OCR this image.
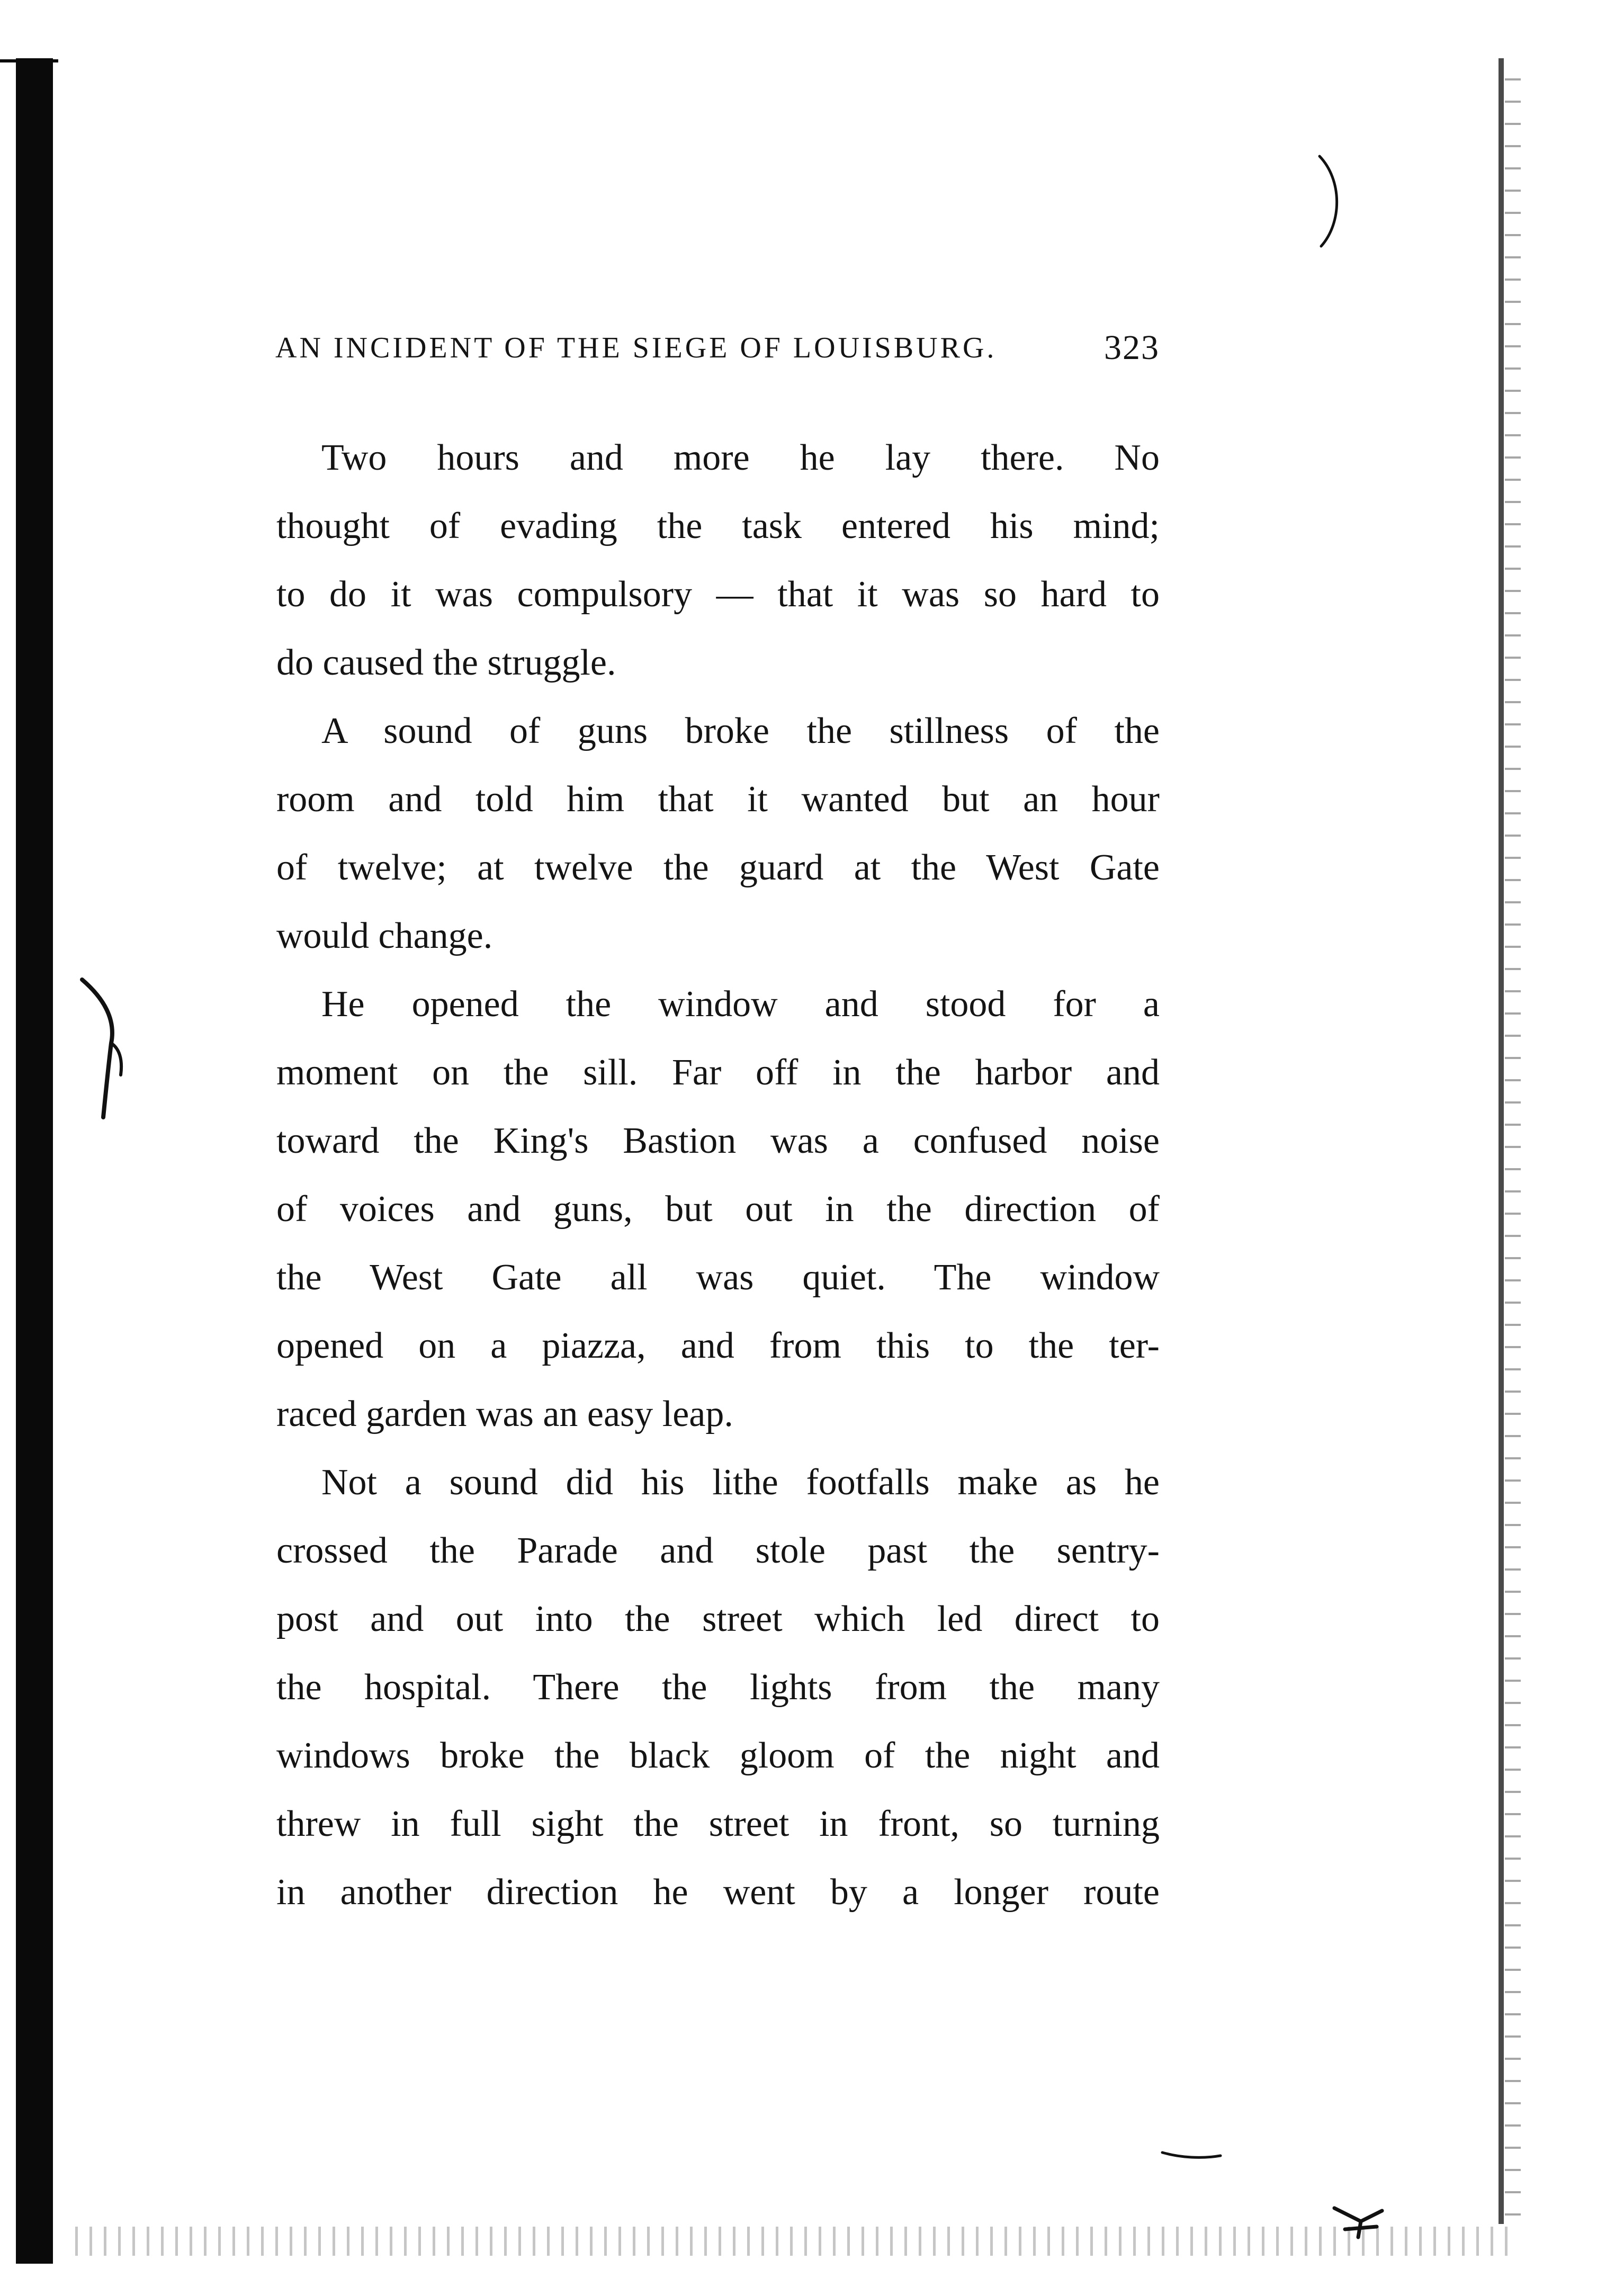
AN INCIDENT OF THE SIEGE OF LOUISBURG.	323

Two hours and more he lay there. No

thought of evading the task entered his mind;

to do it was compulsory — that it was so hard to

do caused the struggle.

A sound of guns broke the stillness of the

room and told him that it wanted but an hour

of twelve; at twelve the guard at the West Gate

would change.

He opened the window and stood for a

moment on the sill. Far off in the harbor and

toward the King's Bastion was a confused noise

of voices and guns, but out in the direction of

the West Gate all was quiet. The window

opened on a piazza, and from this to the ter-

raced garden was an easy leap.

Not a sound did his lithe footfalls make as he

crossed the Parade and stole past the sentry-

post and out into the street which led direct to

the hospital. There the lights from the many

windows broke the black gloom of the night and

threw in full sight the street in front, so turning

in another direction he went by a longer route
